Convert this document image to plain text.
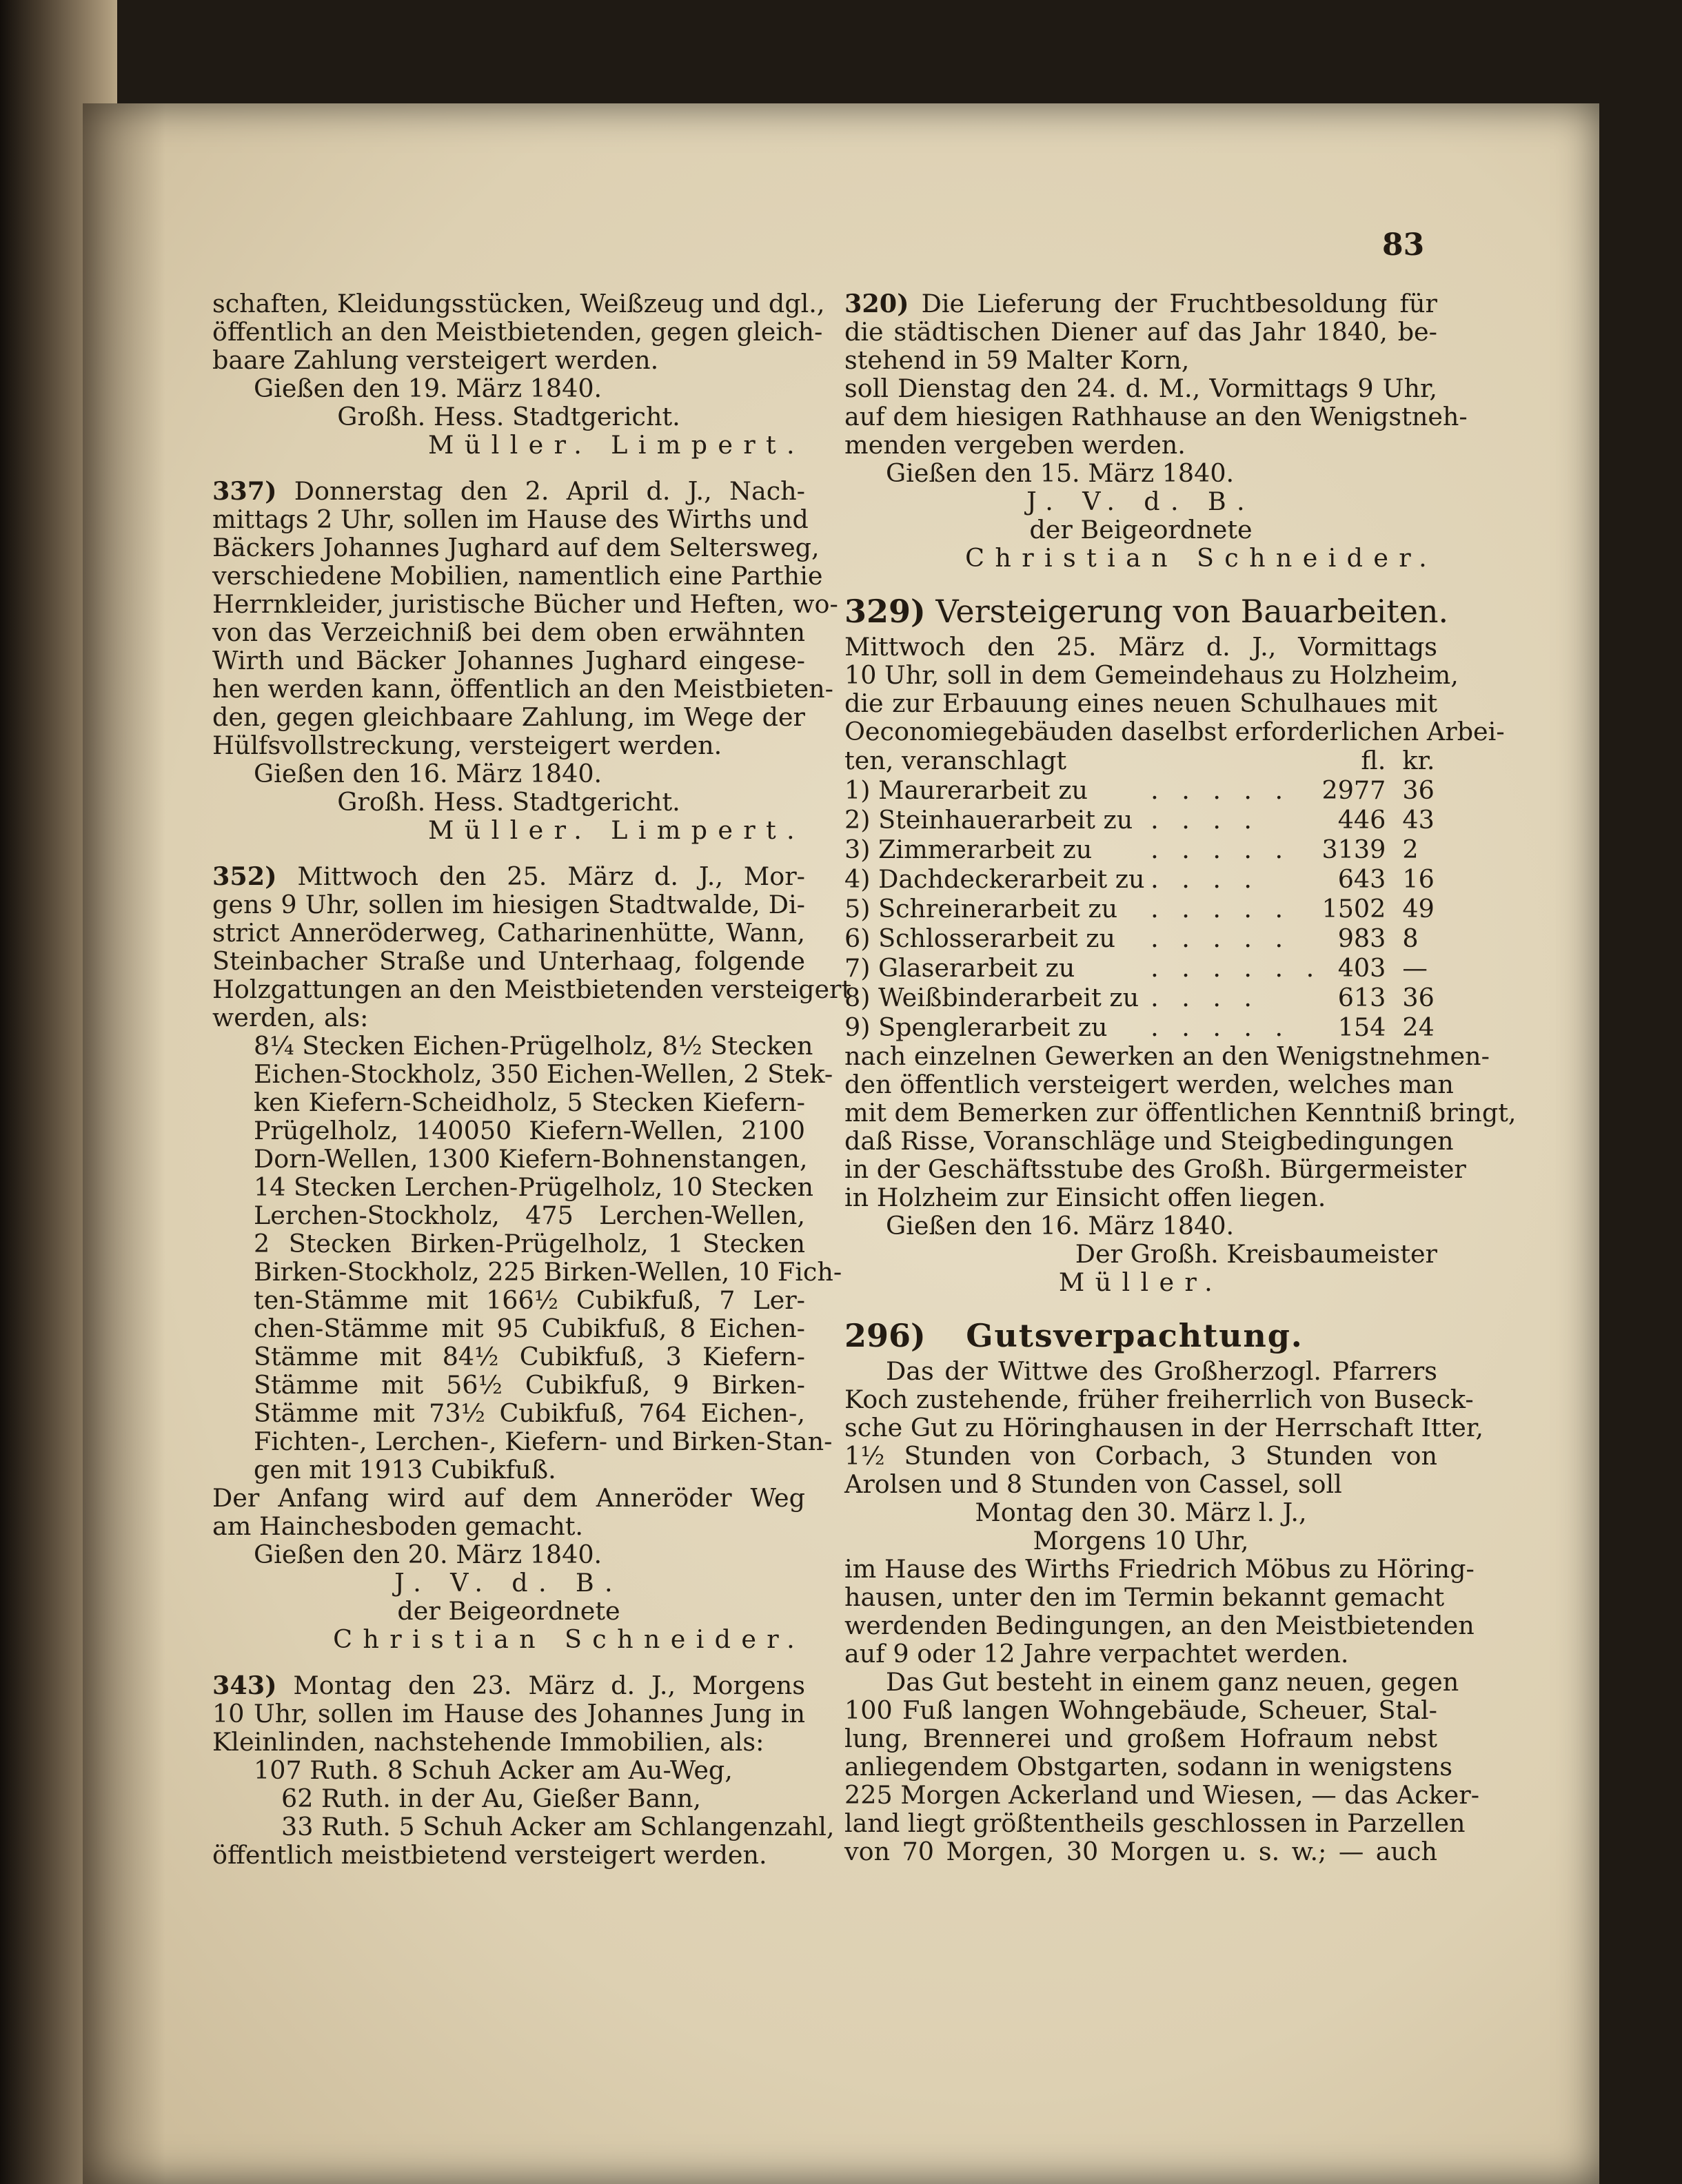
83
schaften, Kleidungsstücken, Weißzeug und dgl.,
öffentlich an den Meistbietenden, gegen gleich-
baare Zahlung versteigert werden.
Gießen den 19. März 1840.
Großh. Hess. Stadtgericht.
Müller. Limpert.
337) Donnerstag den 2. April d. J., Nach-
mittags 2 Uhr, sollen im Hause des Wirths und
Bäckers Johannes Jughard auf dem Seltersweg,
verschiedene Mobilien, namentlich eine Parthie
Herrnkleider, juristische Bücher und Heften, wo-
von das Verzeichniß bei dem oben erwähnten
Wirth und Bäcker Johannes Jughard eingese-
hen werden kann, öffentlich an den Meistbieten-
den, gegen gleichbaare Zahlung, im Wege der
Hülfsvollstreckung, versteigert werden.
Gießen den 16. März 1840.
Großh. Hess. Stadtgericht.
Müller. Limpert.
352) Mittwoch den 25. März d. J., Mor-
gens 9 Uhr, sollen im hiesigen Stadtwalde, Di-
strict Anneröderweg, Catharinenhütte, Wann,
Steinbacher Straße und Unterhaag, folgende
Holzgattungen an den Meistbietenden versteigert
werden, als:
8¼ Stecken Eichen-Prügelholz, 8½ Stecken
Eichen-Stockholz, 350 Eichen-Wellen, 2 Stek-
ken Kiefern-Scheidholz, 5 Stecken Kiefern-
Prügelholz, 140050 Kiefern-Wellen, 2100
Dorn-Wellen, 1300 Kiefern-Bohnenstangen,
14 Stecken Lerchen-Prügelholz, 10 Stecken
Lerchen-Stockholz, 475 Lerchen-Wellen,
2 Stecken Birken-Prügelholz, 1 Stecken
Birken-Stockholz, 225 Birken-Wellen, 10 Fich-
ten-Stämme mit 166½ Cubikfuß, 7 Ler-
chen-Stämme mit 95 Cubikfuß, 8 Eichen-
Stämme mit 84½ Cubikfuß, 3 Kiefern-
Stämme mit 56½ Cubikfuß, 9 Birken-
Stämme mit 73½ Cubikfuß, 764 Eichen-,
Fichten-, Lerchen-, Kiefern- und Birken-Stan-
gen mit 1913 Cubikfuß.
Der Anfang wird auf dem Anneröder Weg
am Hainchesboden gemacht.
Gießen den 20. März 1840.
J. V. d. B.
der Beigeordnete
Christian Schneider.
343) Montag den 23. März d. J., Morgens
10 Uhr, sollen im Hause des Johannes Jung in
Kleinlinden, nachstehende Immobilien, als:
107 Ruth. 8 Schuh Acker am Au-Weg,
62 Ruth. in der Au, Gießer Bann,
33 Ruth. 5 Schuh Acker am Schlangenzahl,
öffentlich meistbietend versteigert werden.
320) Die Lieferung der Fruchtbesoldung für
die städtischen Diener auf das Jahr 1840, be-
stehend in 59 Malter Korn,
soll Dienstag den 24. d. M., Vormittags 9 Uhr,
auf dem hiesigen Rathhause an den Wenigstneh-
menden vergeben werden.
Gießen den 15. März 1840.
J. V. d. B.
der Beigeordnete
Christian Schneider.
329) Versteigerung von Bauarbeiten.
Mittwoch den 25. März d. J., Vormittags
10 Uhr, soll in dem Gemeindehaus zu Holzheim,
die zur Erbauung eines neuen Schulhaues mit
Oeconomiegebäuden daselbst erforderlichen Arbei-
ten, veranschlagt		fl.	kr.
1) Maurerarbeit zu	. . . . .	2977	36
2) Steinhauerarbeit zu	. . . .	446	43
3) Zimmerarbeit zu	. . . . .	3139	2
4) Dachdeckerarbeit zu	. . . .	643	16
5) Schreinerarbeit zu	. . . . .	1502	49
6) Schlosserarbeit zu	. . . . .	983	8
7) Glaserarbeit zu	. . . . . .	403	—
8) Weißbinderarbeit zu	. . . .	613	36
9) Spenglerarbeit zu	. . . . .	154	24
nach einzelnen Gewerken an den Wenigstnehmen-
den öffentlich versteigert werden, welches man
mit dem Bemerken zur öffentlichen Kenntniß bringt,
daß Risse, Voranschläge und Steigbedingungen
in der Geschäftsstube des Großh. Bürgermeister
in Holzheim zur Einsicht offen liegen.
Gießen den 16. März 1840.
Der Großh. Kreisbaumeister
Müller.
296) Gutsverpachtung.
Das der Wittwe des Großherzogl. Pfarrers
Koch zustehende, früher freiherrlich von Buseck-
sche Gut zu Höringhausen in der Herrschaft Itter,
1½ Stunden von Corbach, 3 Stunden von
Arolsen und 8 Stunden von Cassel, soll
Montag den 30. März l. J.,
Morgens 10 Uhr,
im Hause des Wirths Friedrich Möbus zu Höring-
hausen, unter den im Termin bekannt gemacht
werdenden Bedingungen, an den Meistbietenden
auf 9 oder 12 Jahre verpachtet werden.
Das Gut besteht in einem ganz neuen, gegen
100 Fuß langen Wohngebäude, Scheuer, Stal-
lung, Brennerei und großem Hofraum nebst
anliegendem Obstgarten, sodann in wenigstens
225 Morgen Ackerland und Wiesen, — das Acker-
land liegt größtentheils geschlossen in Parzellen
von 70 Morgen, 30 Morgen u. s. w.; — auch
